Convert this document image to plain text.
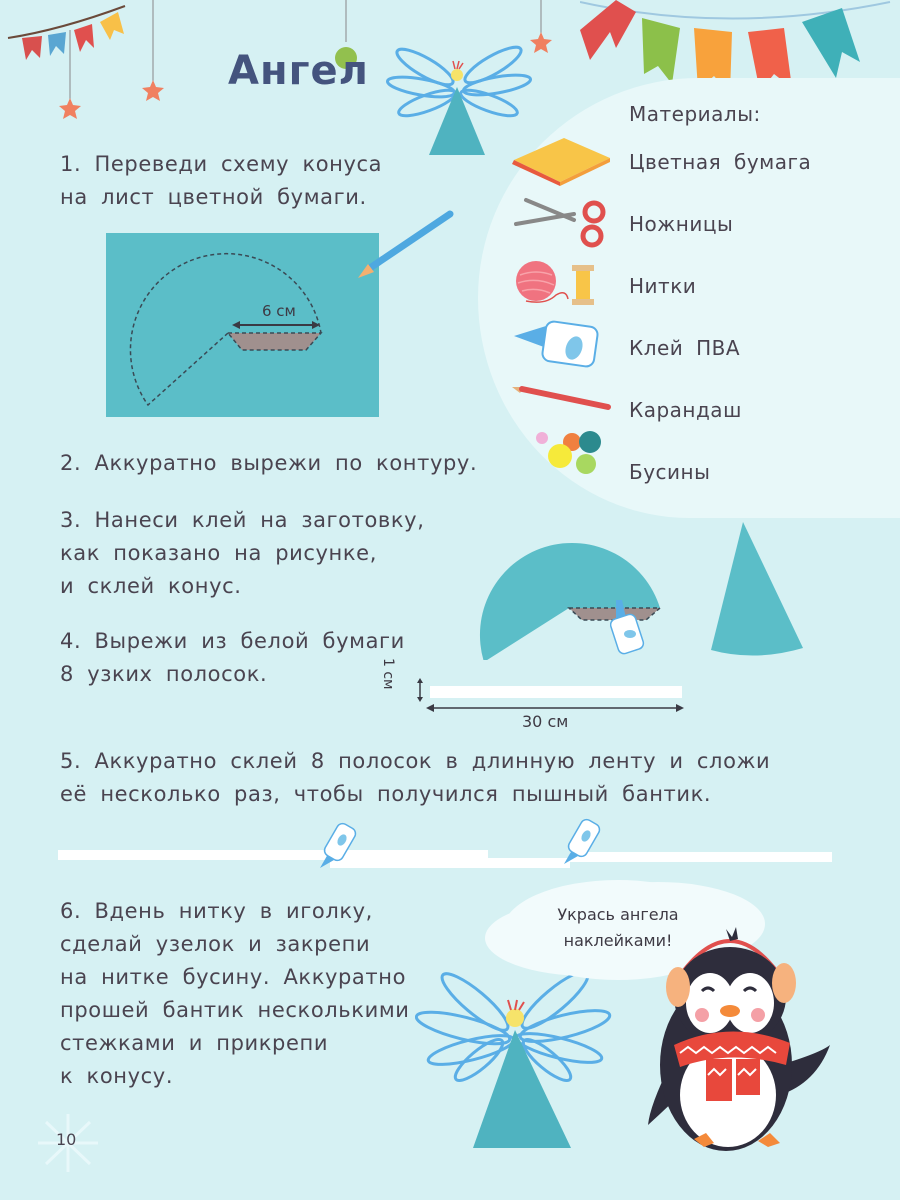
Ангел
Материалы:
Цветная бумага
Ножницы
Нитки
Клей ПВА
Карандаш
Бусины

1. Переведи схему конуса

на лист цветной бумаги.

6 см

2. Аккуратно вырежи по контуру.

3. Нанеси клей на заготовку,

как показано на рисунке,

и склей конус.

4. Вырежи из белой бумаги

8 узких полосок.	1 см
30 см

5. Аккуратно склей 8 полосок в длинную ленту и сложи

её несколько раз, чтобы получился пышный бантик.

6. Вдень нитку в иголку,

сделай узелок и закрепи

на нитке бусину. Аккуратно

прошей бантик несколькими

стежками и прикрепи

к конусу.

Укрась ангела

наклейками!

10
